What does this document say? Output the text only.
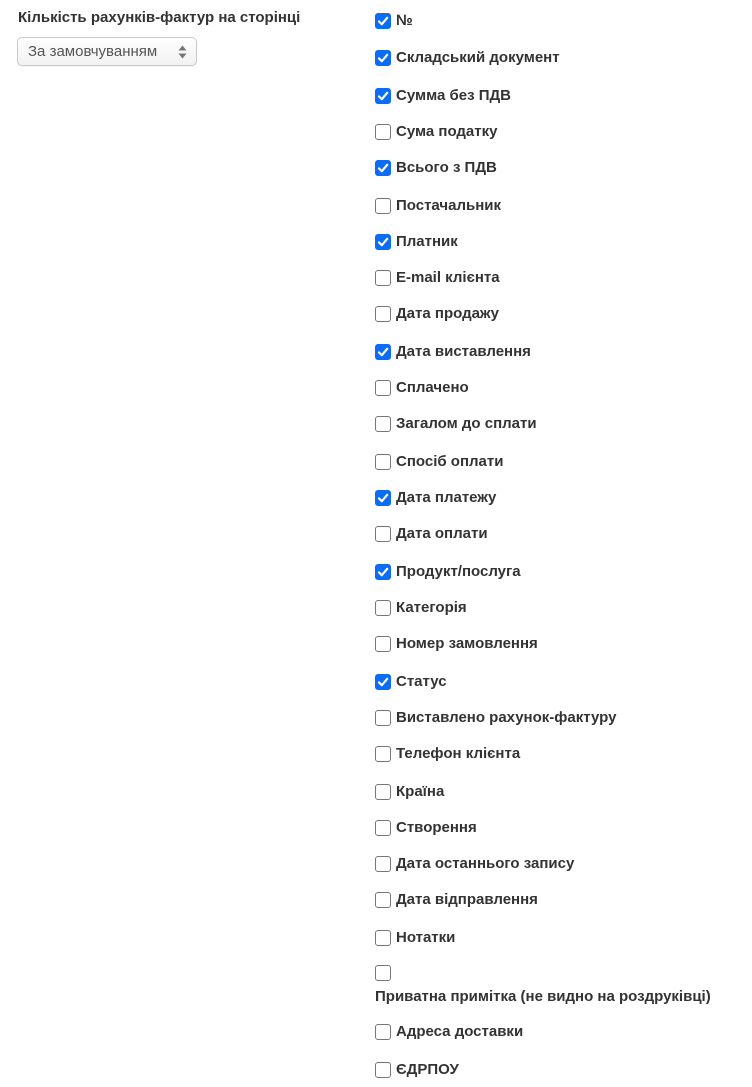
Кількість рахунків-фактур на сторінці
За замовчуванням
№
Складський документ
Сумма без ПДВ
Сума податку
Всього з ПДВ
Постачальник
Платник
E-mail клієнта
Дата продажу
Дата виставлення
Сплачено
Загалом до сплати
Спосіб оплати
Дата платежу
Дата оплати
Продукт/послуга
Категорія
Номер замовлення
Статус
Виставлено рахунок-фактуру
Телефон клієнта
Країна
Створення
Дата останнього запису
Дата відправлення
Нотатки
Приватна примітка (не видно на роздруківці)
Адреса доставки
ЄДРПОУ
